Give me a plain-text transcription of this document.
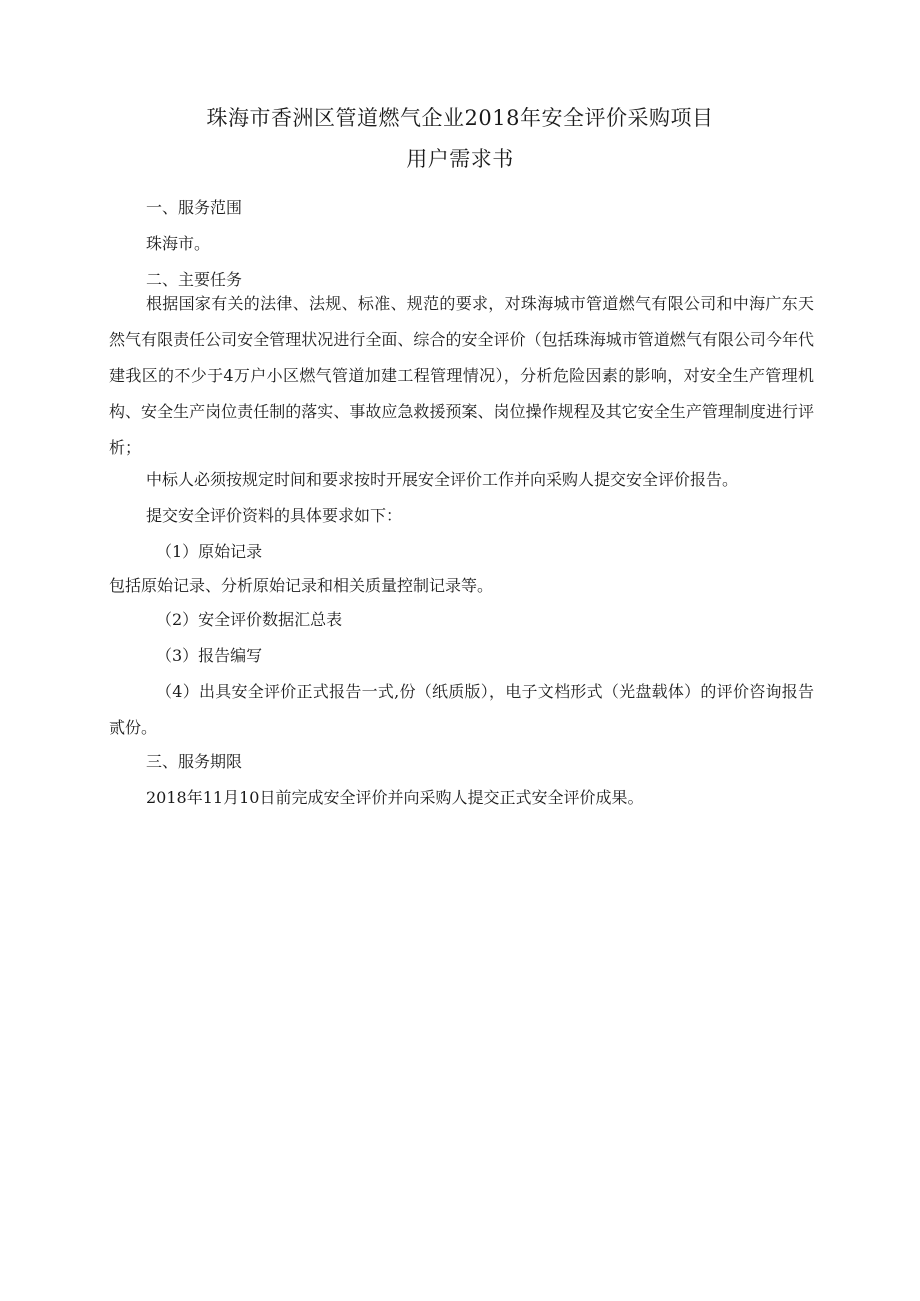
珠海市香洲区管道燃气企业2018年安全评价采购项目
用户需求书
一、服务范围
珠海市。
二、主要任务
根据国家有关的法律、法规、标准、规范的要求，对珠海城市管道燃气有限公司和中海广东天然气有限责任公司安全管理状况进行全面、综合的安全评价（包括珠海城市管道燃气有限公司今年代建我区的不少于4万户小区燃气管道加建工程管理情况），分析危险因素的影响，对安全生产管理机构、安全生产岗位责任制的落实、事故应急救援预案、岗位操作规程及其它安全生产管理制度进行评析；
中标人必须按规定时间和要求按时开展安全评价工作并向采购人提交安全评价报告。
提交安全评价资料的具体要求如下：
（1）原始记录
包括原始记录、分析原始记录和相关质量控制记录等。
（2）安全评价数据汇总表
（3）报告编写
（4）出具安全评价正式报告一式,份（纸质版），电子文档形式（光盘载体）的评价咨询报告贰份。
三、服务期限
2018年11月10日前完成安全评价并向采购人提交正式安全评价成果。
